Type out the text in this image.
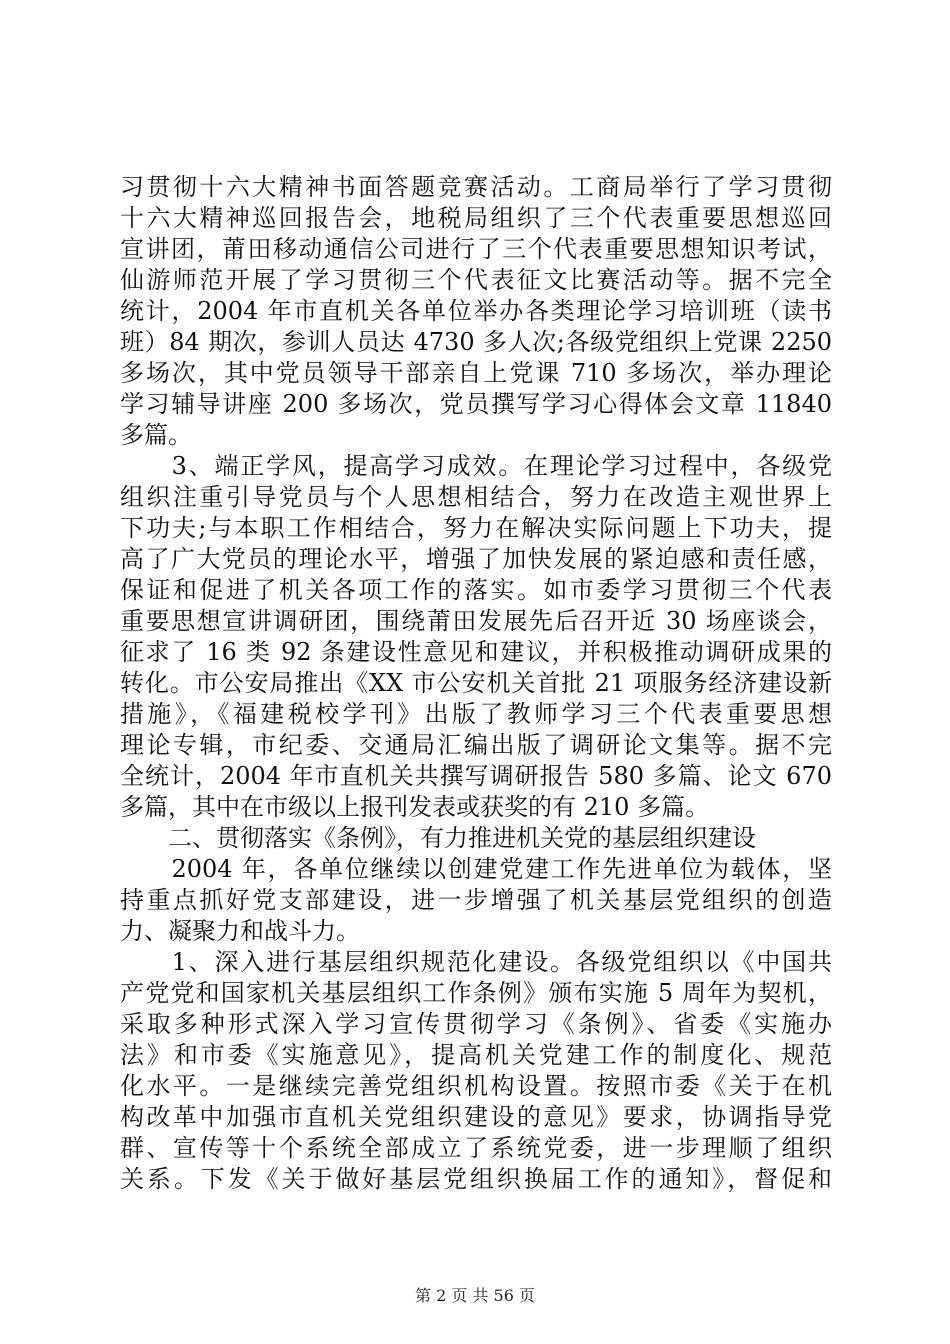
习贯彻十六大精神书面答题竞赛活动。工商局举行了学习贯彻
十六大精神巡回报告会，地税局组织了三个代表重要思想巡回
宣讲团，莆田移动通信公司进行了三个代表重要思想知识考试，
仙游师范开展了学习贯彻三个代表征文比赛活动等。据不完全
统计，2004 年市直机关各单位举办各类理论学习培训班（读书
班）84 期次，参训人员达 4730 多人次;各级党组织上党课 2250
多场次，其中党员领导干部亲自上党课 710 多场次，举办理论
学习辅导讲座 200 多场次，党员撰写学习心得体会文章 11840
多篇。
　　3、端正学风，提高学习成效。在理论学习过程中，各级党
组织注重引导党员与个人思想相结合，努力在改造主观世界上
下功夫;与本职工作相结合，努力在解决实际问题上下功夫，提
高了广大党员的理论水平，增强了加快发展的紧迫感和责任感，
保证和促进了机关各项工作的落实。如市委学习贯彻三个代表
重要思想宣讲调研团，围绕莆田发展先后召开近 30 场座谈会，
征求了 16 类 92 条建设性意见和建议，并积极推动调研成果的
转化。市公安局推出《XX 市公安机关首批 21 项服务经济建设新
措施》，《福建税校学刊》出版了教师学习三个代表重要思想
理论专辑，市纪委、交通局汇编出版了调研论文集等。据不完
全统计，2004 年市直机关共撰写调研报告 580 多篇、论文 670
多篇，其中在市级以上报刊发表或获奖的有 210 多篇。
　　二、贯彻落实《条例》，有力推进机关党的基层组织建设
　　2004 年，各单位继续以创建党建工作先进单位为载体，坚
持重点抓好党支部建设，进一步增强了机关基层党组织的创造
力、凝聚力和战斗力。
　　1、深入进行基层组织规范化建设。各级党组织以《中国共
产党党和国家机关基层组织工作条例》颁布实施 5 周年为契机，
采取多种形式深入学习宣传贯彻学习《条例》、省委《实施办
法》和市委《实施意见》，提高机关党建工作的制度化、规范
化水平。一是继续完善党组织机构设置。按照市委《关于在机
构改革中加强市直机关党组织建设的意见》要求，协调指导党
群、宣传等十个系统全部成立了系统党委，进一步理顺了组织
关系。下发《关于做好基层党组织换届工作的通知》，督促和
第 2 页 共 56 页
